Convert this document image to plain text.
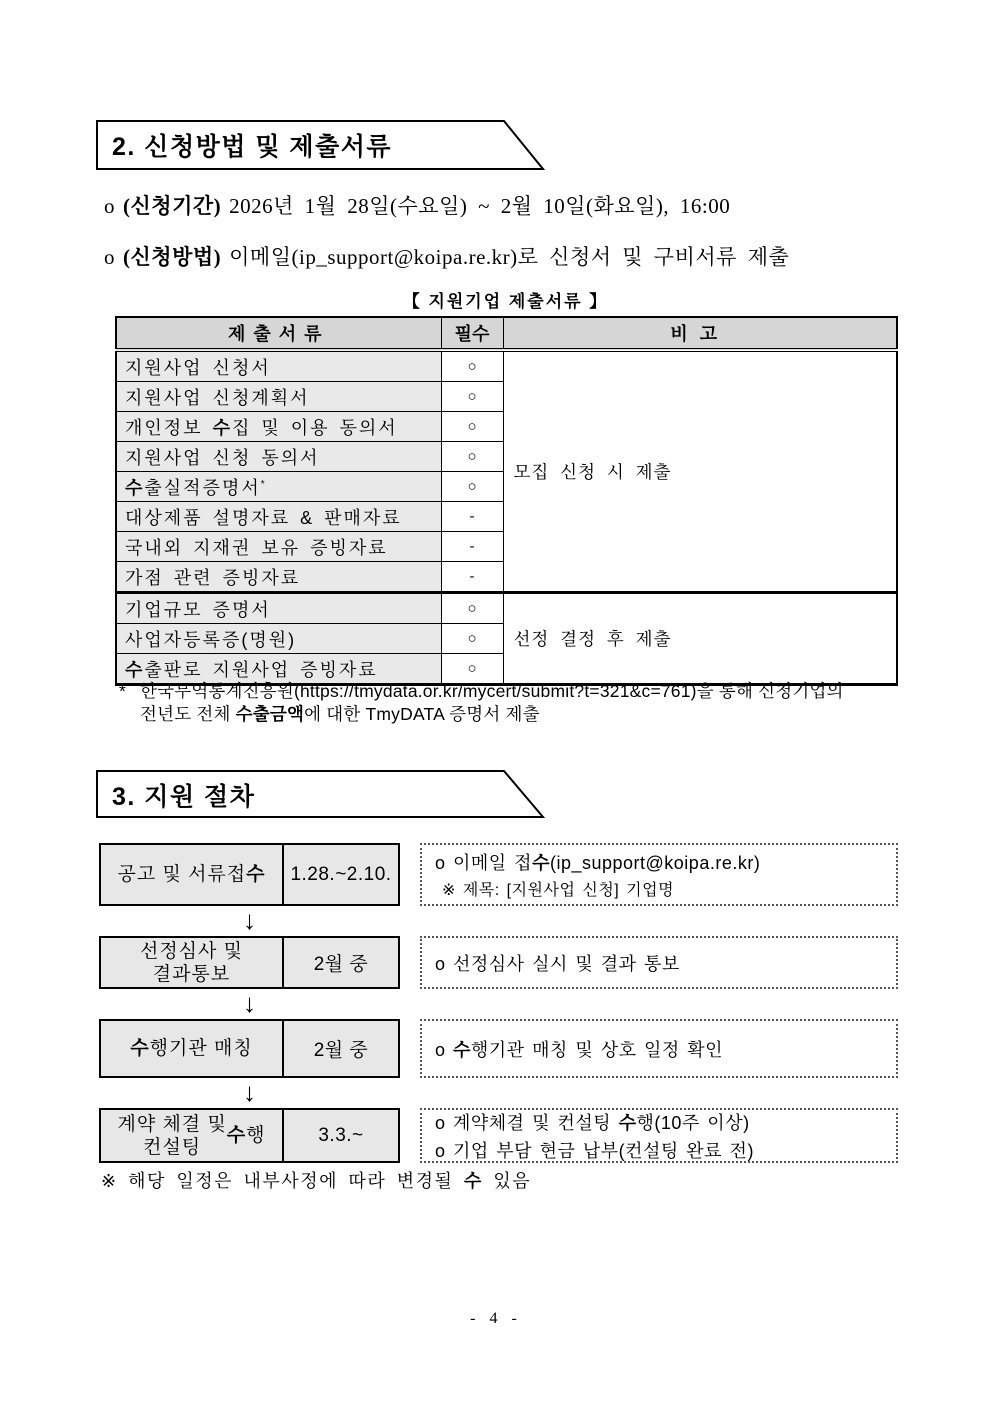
2. 신청방법 및 제출서류
o (신청기간) 2026년 1월 28일(수요일) ~ 2월 10일(화요일), 16:00
o (신청방법) 이메일(ip_support@koipa.re.kr)로 신청서 및 구비서류 제출
【 지원기업 제출서류 】
제출서류	필수	비고
지원사업 신청서	○	모집 신청 시 제출
지원사업 신청계획서	○	
개인정보 수집 및 이용 동의서	○	
지원사업 신청 동의서	○	
수출실적증명서*	○	
대상제품 설명자료 & 판매자료	-	
국내외 지재권 보유 증빙자료	-	
가점 관련 증빙자료	-	
기업규모 증명서	○	선정 결정 후 제출
사업자등록증(명원)	○	
수출판로 지원사업 증빙자료	○	
* 한국무역통계진흥원(https://tmydata.or.kr/mycert/submit?t=321&c=761)을 통해 신청기업의
전년도 전체 수출금액에 대한 TmyDATA 증명서 제출
3. 지원 절차
공고 및 서류접 수	1.28.~2.10.
o 이메일 접수(ip_support@koipa.re.kr)
※ 제목: [지원사업 신청] 기업명
↓
선정심사 및
결과통보	2월 중	o 선정심사 실시 및 결과 통보
↓
수 행기관 매칭	2월 중	o 수행기관 매칭 및 상호 일정 확인
↓
계약 체결 및
컨설팅
수 행	3.3.~
o 계약체결 및 컨설팅 수행(10주 이상)
o 기업 부담 현금 납부(컨설팅 완료 전)
※ 해당 일정은 내부사정에 따라 변경될 수 있음
- 4 -
